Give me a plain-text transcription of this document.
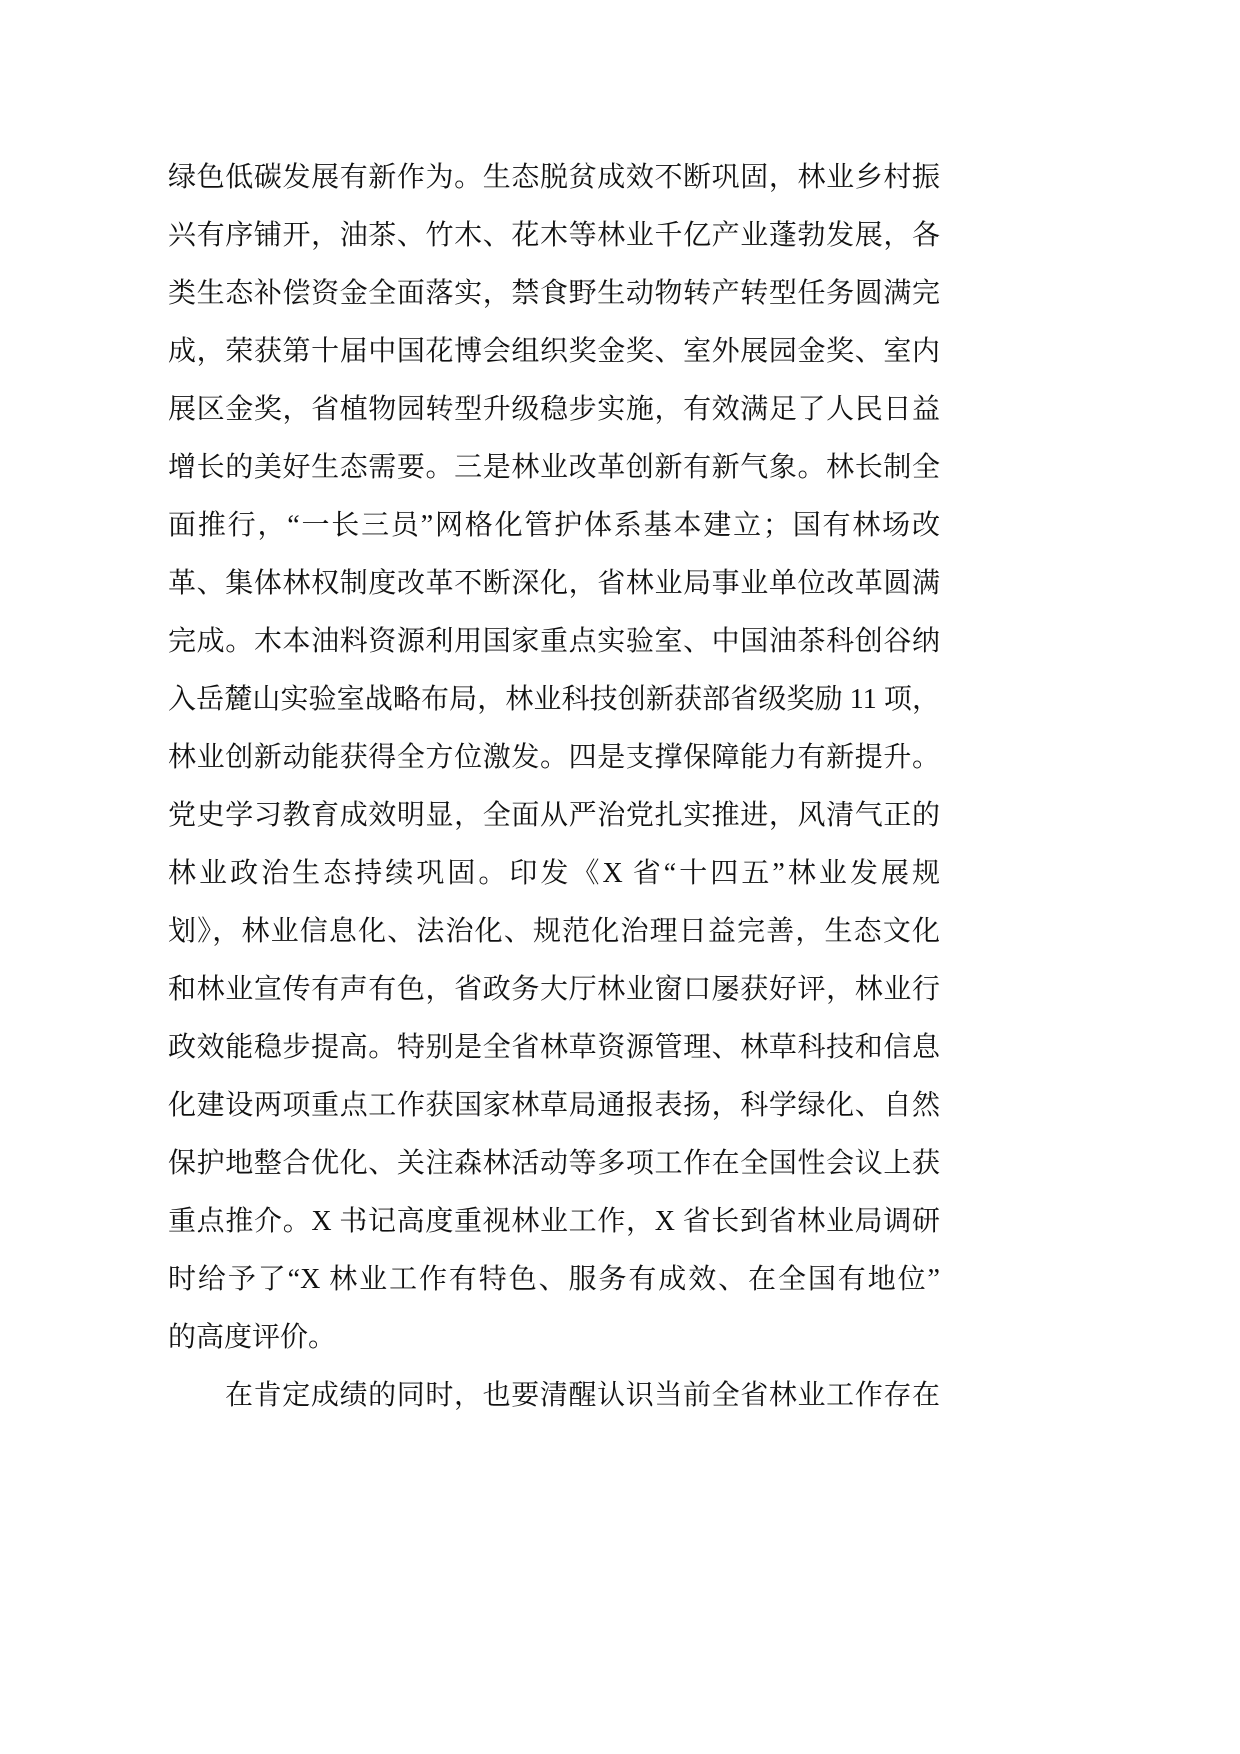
绿色低碳发展有新作为。生态脱贫成效不断巩固，林业乡村振
兴有序铺开，油茶、竹木、花木等林业千亿产业蓬勃发展，各
类生态补偿资金全面落实，禁食野生动物转产转型任务圆满完
成，荣获第十届中国花博会组织奖金奖、室外展园金奖、室内
展区金奖，省植物园转型升级稳步实施，有效满足了人民日益
增长的美好生态需要。三是林业改革创新有新气象。林长制全
面推行，“一长三员”网格化管护体系基本建立；国有林场改
革、集体林权制度改革不断深化，省林业局事业单位改革圆满
完成。木本油料资源利用国家重点实验室、中国油茶科创谷纳
入岳麓山实验室战略布局，林业科技创新获部省级奖励 11 项，
林业创新动能获得全方位激发。四是支撑保障能力有新提升。
党史学习教育成效明显，全面从严治党扎实推进，风清气正的
林业政治生态持续巩固。印发《X 省“十四五”林业发展规
划》，林业信息化、法治化、规范化治理日益完善，生态文化
和林业宣传有声有色，省政务大厅林业窗口屡获好评，林业行
政效能稳步提高。特别是全省林草资源管理、林草科技和信息
化建设两项重点工作获国家林草局通报表扬，科学绿化、自然
保护地整合优化、关注森林活动等多项工作在全国性会议上获
重点推介。X 书记高度重视林业工作，X 省长到省林业局调研
时给予了“X 林业工作有特色、服务有成效、在全国有地位”
的高度评价。
在肯定成绩的同时，也要清醒认识当前全省林业工作存在
